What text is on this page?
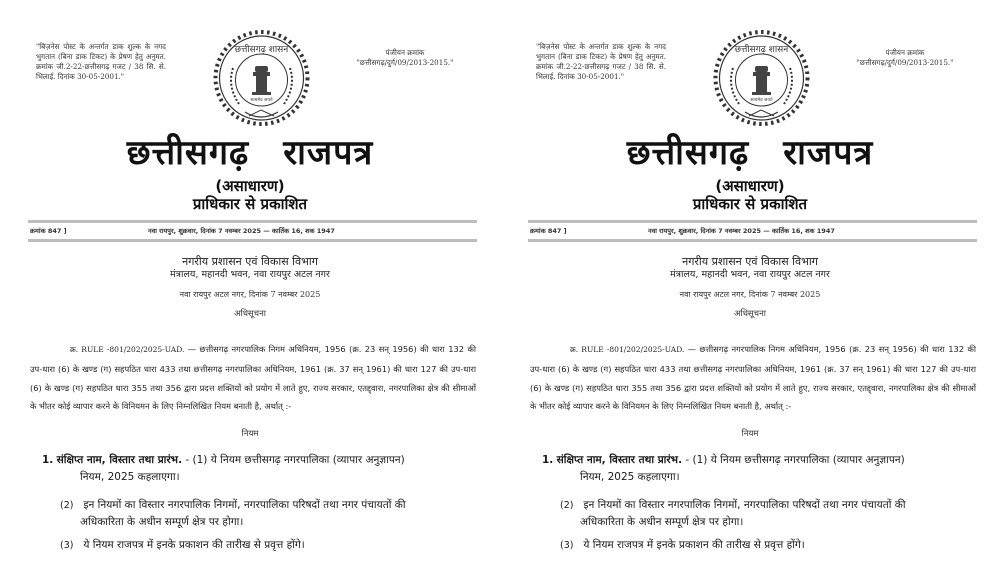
"बिज़नेस पोस्ट के अन्तर्गत डाक शुल्क के नगद भुगतान (बिना डाक टिकट) के प्रेषण हेतु अनुमत. क्रमांक जी.2-22-छत्तीसगढ़ गजट / 38 सि. से. भिलाई. दिनांक 30-05-2001."
छत्तीसगढ़ शासन
सत्यमेव जयते
पंजीयन क्रमांक
"छत्तीसगढ़/दुर्ग/09/2013-2015."
छत्तीसगढ़ राजपत्र
(असाधारण)
प्राधिकार से प्रकाशित
क्रमांक 847 ]	नवा रायपुर, शुक्रवार, दिनांक 7 नवम्बर 2025 — कार्तिक 16, शक 1947
नगरीय प्रशासन एवं विकास विभाग
मंत्रालय, महानदी भवन, नवा रायपुर अटल नगर
नवा रायपुर अटल नगर, दिनांक 7 नवम्बर 2025
अधिसूचना
क्र. RULE -801/202/2025-UAD. — छत्तीसगढ़ नगरपालिक निगम अधिनियम, 1956 (क्र. 23 सन् 1956) की धारा 132 की उप-धारा (6) के खण्ड (ग) सहपठित धारा 433 तथा छत्तीसगढ़ नगरपालिका अधिनियम, 1961 (क्र. 37 सन् 1961) की धारा 127 की उप-धारा (6) के खण्ड (ग) सहपठित धारा 355 तथा 356 द्वारा प्रदत्त शक्तियों को प्रयोग में लाते हुए, राज्य सरकार, एतद्द्वारा, नगरपालिका क्षेत्र की सीमाओं के भीतर कोई व्यापार करने के विनियमन के लिए निम्नलिखित नियम बनाती है, अर्थात् :-
नियम
1. संक्षिप्त नाम, विस्तार तथा प्रारंभ. - (1) ये नियम छत्तीसगढ़ नगरपालिका (व्यापार अनुज्ञापन)
नियम, 2025 कहलाएगा।
(2) इन नियमों का विस्तार नगरपालिक निगमों, नगरपालिका परिषदों तथा नगर पंचायतों की
अधिकारिता के अधीन सम्पूर्ण क्षेत्र पर होगा।
(3) ये नियम राजपत्र में इनके प्रकाशन की तारीख से प्रवृत्त होंगे।
"बिज़नेस पोस्ट के अन्तर्गत डाक शुल्क के नगद भुगतान (बिना डाक टिकट) के प्रेषण हेतु अनुमत. क्रमांक जी.2-22-छत्तीसगढ़ गजट / 38 सि. से. भिलाई. दिनांक 30-05-2001."
छत्तीसगढ़ शासन
सत्यमेव जयते
पंजीयन क्रमांक
"छत्तीसगढ़/दुर्ग/09/2013-2015."
छत्तीसगढ़ राजपत्र
(असाधारण)
प्राधिकार से प्रकाशित
क्रमांक 847 ]	नवा रायपुर, शुक्रवार, दिनांक 7 नवम्बर 2025 — कार्तिक 16, शक 1947
नगरीय प्रशासन एवं विकास विभाग
मंत्रालय, महानदी भवन, नवा रायपुर अटल नगर
नवा रायपुर अटल नगर, दिनांक 7 नवम्बर 2025
अधिसूचना
क्र. RULE -801/202/2025-UAD. — छत्तीसगढ़ नगरपालिक निगम अधिनियम, 1956 (क्र. 23 सन् 1956) की धारा 132 की उप-धारा (6) के खण्ड (ग) सहपठित धारा 433 तथा छत्तीसगढ़ नगरपालिका अधिनियम, 1961 (क्र. 37 सन् 1961) की धारा 127 की उप-धारा (6) के खण्ड (ग) सहपठित धारा 355 तथा 356 द्वारा प्रदत्त शक्तियों को प्रयोग में लाते हुए, राज्य सरकार, एतद्द्वारा, नगरपालिका क्षेत्र की सीमाओं के भीतर कोई व्यापार करने के विनियमन के लिए निम्नलिखित नियम बनाती है, अर्थात् :-
नियम
1. संक्षिप्त नाम, विस्तार तथा प्रारंभ. - (1) ये नियम छत्तीसगढ़ नगरपालिका (व्यापार अनुज्ञापन)
नियम, 2025 कहलाएगा।
(2) इन नियमों का विस्तार नगरपालिक निगमों, नगरपालिका परिषदों तथा नगर पंचायतों की
अधिकारिता के अधीन सम्पूर्ण क्षेत्र पर होगा।
(3) ये नियम राजपत्र में इनके प्रकाशन की तारीख से प्रवृत्त होंगे।
